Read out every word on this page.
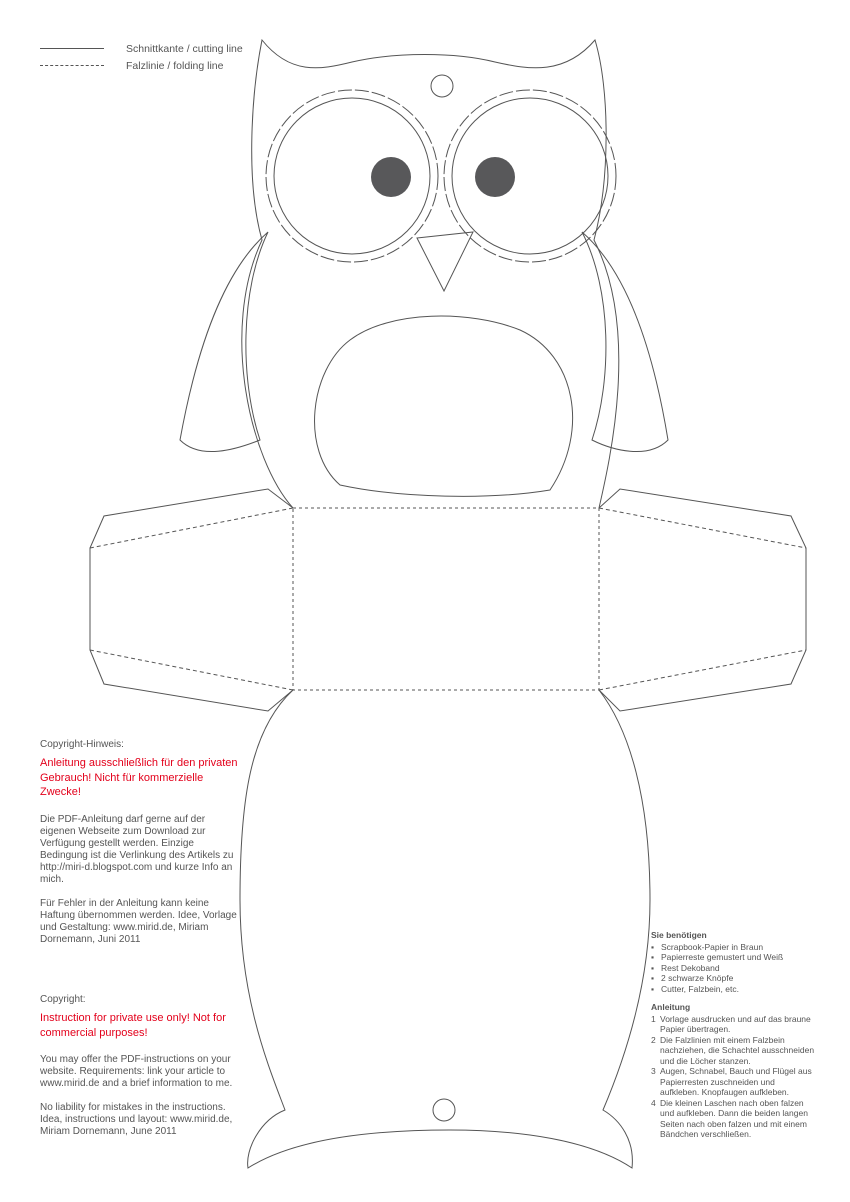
Schnittkante / cutting line
Falzlinie / folding line
Copyright-Hinweis:
Anleitung ausschließlich für den privaten Gebrauch! Nicht für kommerzielle Zwecke!

Die PDF-Anleitung darf gerne auf der eigenen Webseite zum Download zur Verfügung gestellt werden. Einzige Bedingung ist die Verlinkung des Artikels zu http://miri-d.blogspot.com und kurze Info an mich.

Für Fehler in der Anleitung kann keine Haftung übernommen werden. Idee, Vorlage und Gestaltung: www.mirid.de, Miriam Dornemann, Juni 2011

Copyright:
Instruction for private use only! Not for commercial purposes!

You may offer the PDF-instructions on your website. Requirements: link your article to www.mirid.de and a brief information to me.

No liability for mistakes in the instructions. Idea, instructions und layout: www.mirid.de, Miriam Dornemann, June 2011

Sie benötigen
▪ Scrapbook-Papier in Braun
▪ Papierreste gemustert und Weiß
▪ Rest Dekoband
▪ 2 schwarze Knöpfe
▪ Cutter, Falzbein, etc.
Anleitung
1 Vorlage ausdrucken und auf das braune Papier übertragen.
2 Die Falzlinien mit einem Falzbein nachziehen, die Schachtel ausschneiden und die Löcher stanzen.
3 Augen, Schnabel, Bauch und Flügel aus Papierresten zuschneiden und aufkleben. Knopfaugen aufkleben.
4 Die kleinen Laschen nach oben falzen und aufkleben. Dann die beiden langen Seiten nach oben falzen und mit einem Bändchen verschließen.
